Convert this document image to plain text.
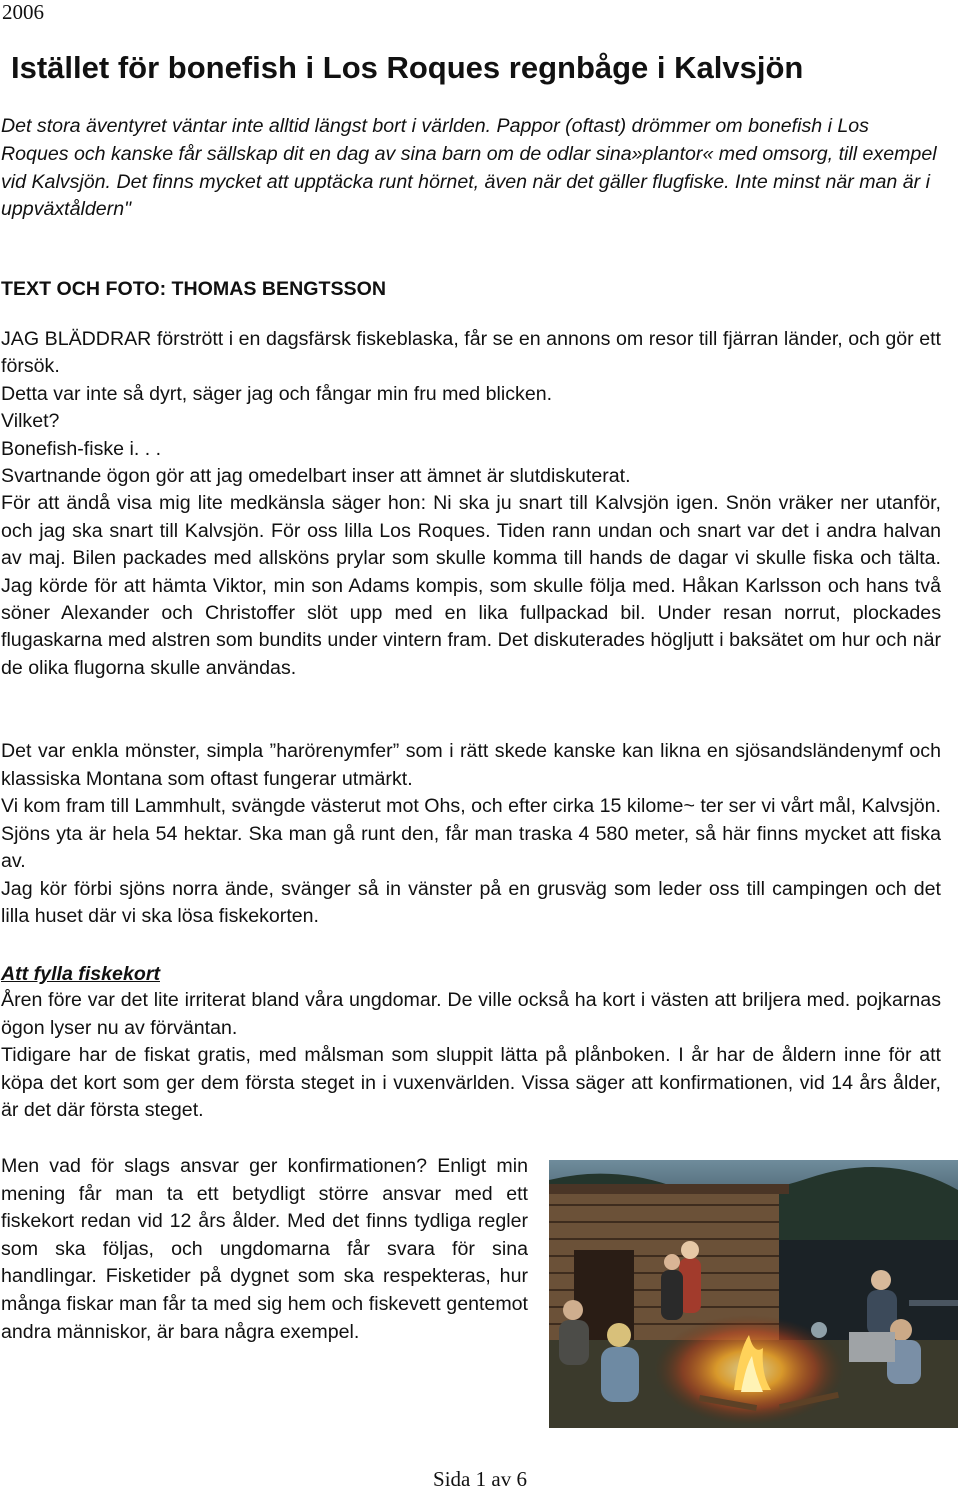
2006
Istället för bonefish i Los Roques regnbåge i Kalvsjön

Det stora äventyret väntar inte alltid längst bort i världen. Pappor (oftast) drömmer om bonefish i Los Roques och kanske får sällskap dit en dag av sina barn om de odlar sina»plantor« med omsorg, till exempel vid Kalvsjön. Det finns mycket att upptäcka runt hörnet, även när det gäller flugfiske. Inte minst när man är i uppväxtåldern"

TEXT OCH FOTO: THOMAS BENGTSSON

JAG BLÄDDRAR förstrött i en dagsfärsk fiskeblaska, får se en annons om resor till fjärran länder, och gör ett försök.

Detta var inte så dyrt, säger jag och fångar min fru med blicken.

Vilket?

Bonefish-fiske i. . .

Svartnande ögon gör att jag omedelbart inser att ämnet är slutdiskuterat.

För att ändå visa mig lite medkänsla säger hon: Ni ska ju snart till Kalvsjön igen. Snön vräker ner utanför, och jag ska snart till Kalvsjön. För oss lilla Los Roques. Tiden rann undan och snart var det i andra halvan av maj. Bilen packades med allsköns prylar som skulle komma till hands de dagar vi skulle fiska och tälta. Jag körde för att hämta Viktor, min son Adams kompis, som skulle följa med. Håkan Karlsson och hans två söner Alexander och Christoffer slöt upp med en lika fullpackad bil. Under resan norrut, plockades flugaskarna med alstren som bundits under vintern fram. Det diskuterades högljutt i baksätet om hur och när de olika flugorna skulle användas.

Det var enkla mönster, simpla ”harörenymfer” som i rätt skede kanske kan likna en sjösandsländenymf och klassiska Montana som oftast fungerar utmärkt.

Vi kom fram till Lammhult, svängde västerut mot Ohs, och efter cirka 15 kilome~ ter ser vi vårt mål, Kalvsjön. Sjöns yta är hela 54 hektar. Ska man gå runt den, får man traska 4 580 meter, så här finns mycket att fiska av.

Jag kör förbi sjöns norra ände, svänger så in vänster på en grusväg som leder oss till campingen och det lilla huset där vi ska lösa fiskekorten.

Att fylla fiskekort

Åren före var det lite irriterat bland våra ungdomar. De ville också ha kort i västen att briljera med. pojkarnas ögon lyser nu av förväntan.

Tidigare har de fiskat gratis, med målsman som sluppit lätta på plånboken. I år har de åldern inne för att köpa det kort som ger dem första steget in i vuxenvärlden. Vissa säger att konfirmationen, vid 14 års ålder, är det där första steget.

Men vad för slags ansvar ger konfirmationen? Enligt min mening får man ta ett betydligt större ansvar med ett fiskekort redan vid 12 års ålder. Med det finns tydliga regler som ska följas, och ungdomarna får svara för sina handlingar. Fisketider på dygnet som ska respekteras, hur många fiskar man får ta med sig hem och fiskevett gentemot andra människor, är bara några exempel.

Sida 1 av 6
